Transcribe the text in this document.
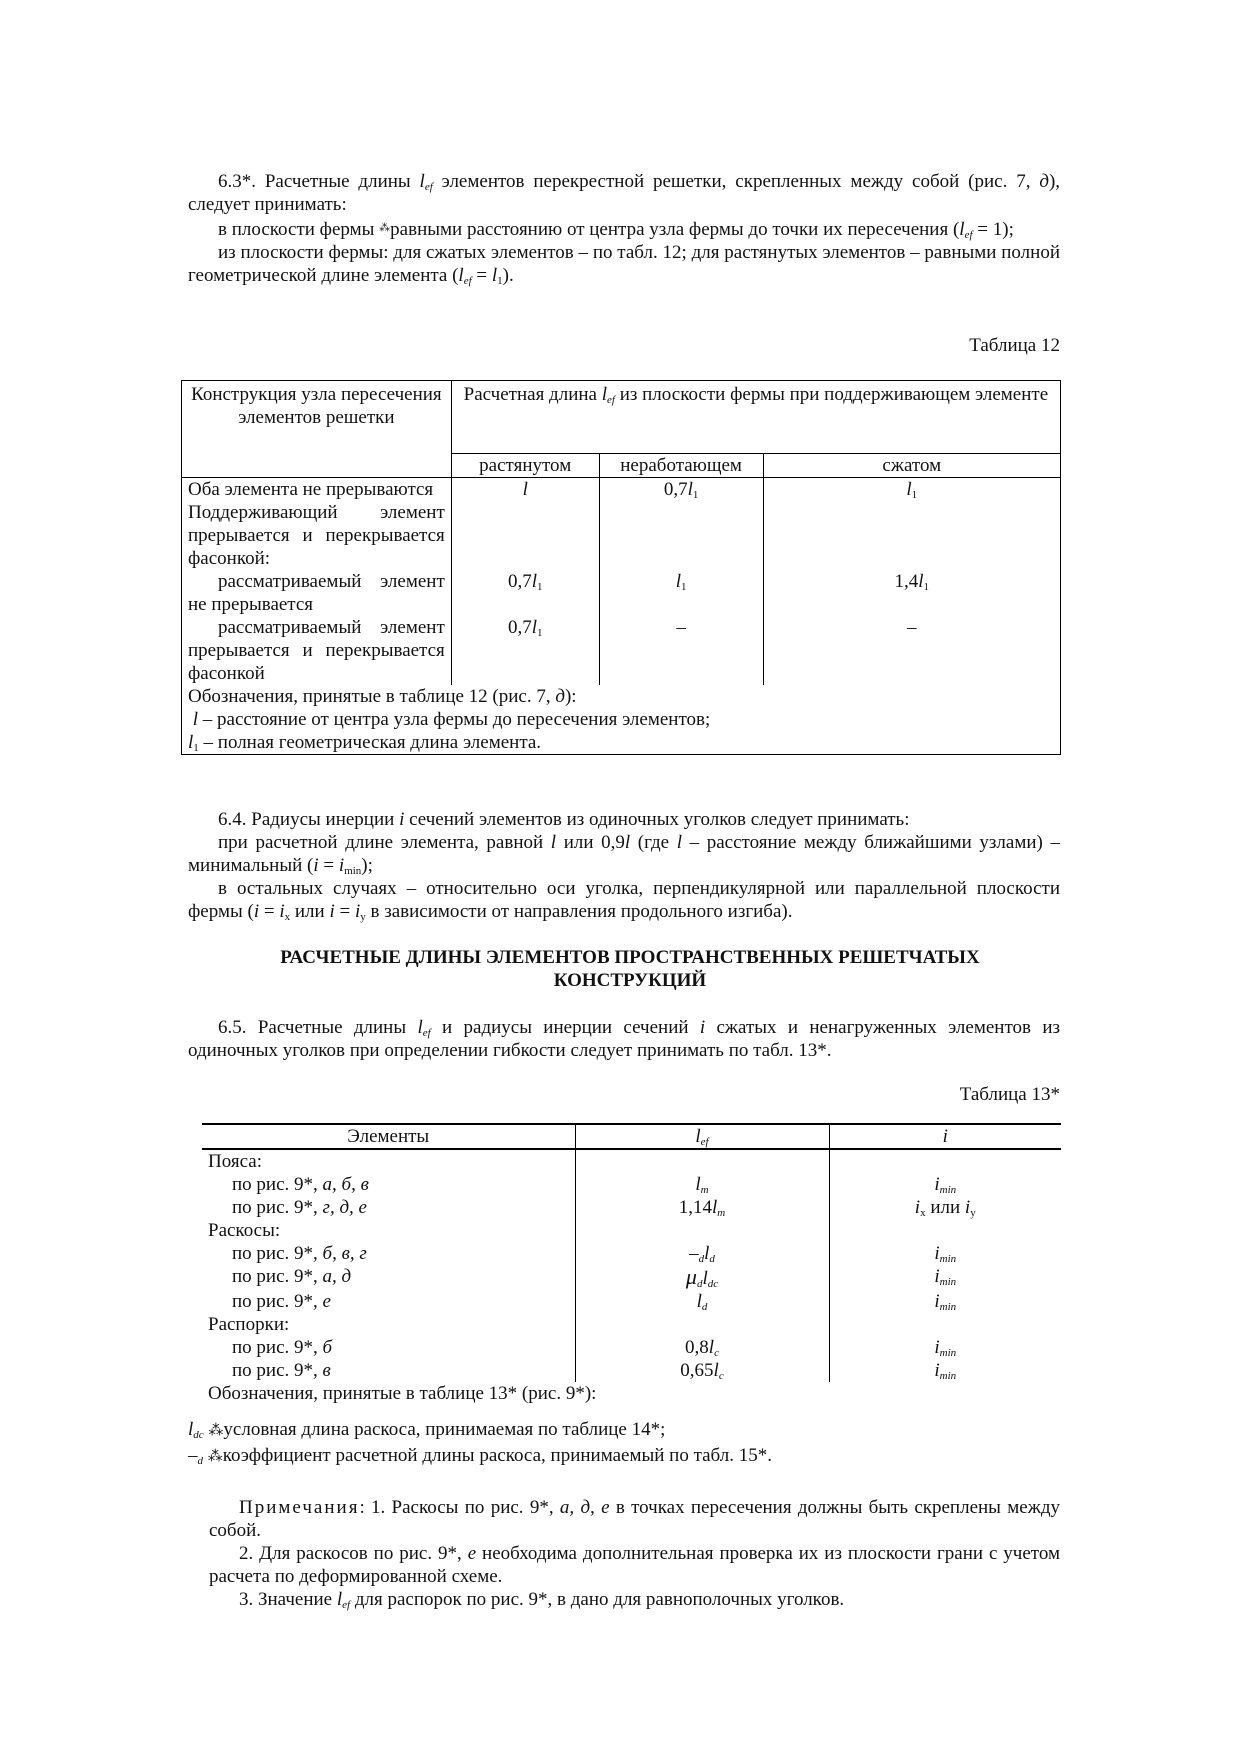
6.3*. Расчетные длины $l_{ef}$ элементов перекрестной решетки, скрепленных между собой (рис. 7, д), следует принимать:

в плоскости фермы ⁂равными расстоянию от центра узла фермы до точки их пересечения $(l_{ef} = 1)$;

из плоскости фермы: для сжатых элементов – по табл. 12; для растянутых элементов – равными полной геометрической длине элемента $(l_{ef} = l_1)$.

Таблица 12
Конструкция узла пересечения элементов решетки	Расчетная длина $l_{ef}$ из плоскости фермы при поддерживающем элементе		
	растянутом	неработающем	сжатом
Оба элемента не прерываются	l	$0,7l_1$	$l_1$
Поддерживающий элемент прерывается и перекрывается фасонкой:			
рассматриваемый элемент не прерывается	$0,7l_1$	$l_1$	$1,4l_1$
рассматриваемый элемент прерывается и перекрывается фасонкой	$0,7l_1$	–	–

Обозначения, принятые в таблице 12 (рис. 7, д):
l – расстояние от центра узла фермы до пересечения элементов;
$l_1$ – полная геометрическая длина элемента.			

6.4. Радиусы инерции i сечений элементов из одиночных уголков следует принимать:

при расчетной длине элемента, равной l или 0,9l (где l – расстояние между ближайшими узлами) – минимальный $(i = i_{min})$;

в остальных случаях – относительно оси уголка, перпендикулярной или параллельной плоскости фермы ($i = i_x$ или $i = i_y$ в зависимости от направления продольного изгиба).

РАСЧЕТНЫЕ ДЛИНЫ ЭЛЕМЕНТОВ ПРОСТРАНСТВЕННЫХ РЕШЕТЧАТЫХ КОНСТРУКЦИЙ

6.5. Расчетные длины $l_{ef}$ и радиусы инерции сечений i сжатых и ненагруженных элементов из одиночных уголков при определении гибкости следует принимать по табл. 13*.

Таблица 13*
Элементы	$l_{ef}$	i
Пояса:		
по рис. 9*, а, б, в	$l_m$	$i_{min}$
по рис. 9*, г, д, е	$1,14l_m$	$i_x$ или $i_y$
Раскосы:		
по рис. 9*, б, в, г	$-_dl_d$	$i_{min}$
по рис. 9*, а, д	$\mu_dl_{dc}$	$i_{min}$
по рис. 9*, е	$l_d$	$i_{min}$
Распорки:		
по рис. 9*, б	$0,8l_c$	$i_{min}$
по рис. 9*, в	$0,65l_c$	$i_{min}$

Обозначения, принятые в таблице 13* (рис. 9*):		
$l_{dc}$ ⁂условная длина раскоса, принимаемая по таблице 14*;
$-_d$ ⁂коэффициент расчетной длины раскоса, принимаемый по табл. 15*.

Примечания: 1. Раскосы по рис. 9*, а, д, е в точках пересечения должны быть скреплены между собой.

2. Для раскосов по рис. 9*, е необходима дополнительная проверка их из плоскости грани с учетом расчета по деформированной схеме.

3. Значение $l_{ef}$ для распорок по рис. 9*, в дано для равнополочных уголков.
